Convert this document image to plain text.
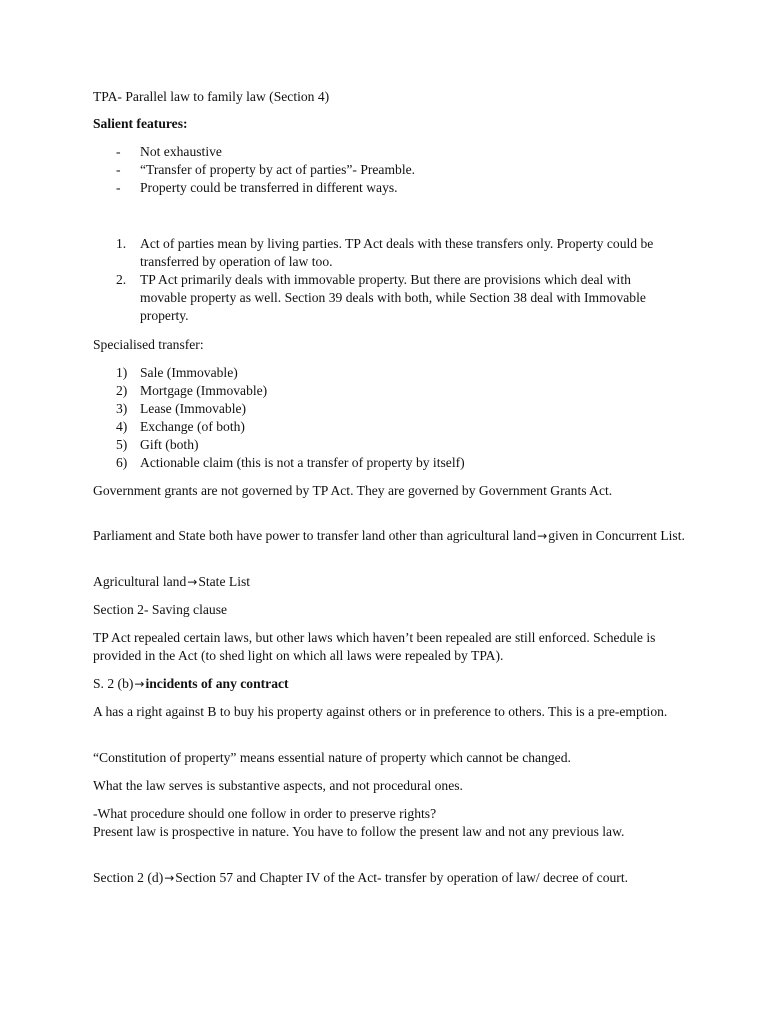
TPA- Parallel law to family law (Section 4)

Salient features:

- Not exhaustive
- “Transfer of property by act of parties”- Preamble.
- Property could be transferred in different ways.
1. Act of parties mean by living parties. TP Act deals with these transfers only. Property could be transferred by operation of law too.

2. TP Act primarily deals with immovable property. But there are provisions which deal with movable property as well. Section 39 deals with both, while Section 38 deal with Immovable property.

Specialised transfer:

1) Sale (Immovable)

2) Mortgage (Immovable)

3) Lease (Immovable)

4) Exchange (of both)

5) Gift (both)

6) Actionable claim (this is not a transfer of property by itself)

Government grants are not governed by TP Act. They are governed by Government Grants Act.

Parliament and State both have power to transfer land other than agricultural land→given in Concurrent List.

Agricultural land→State List

Section 2- Saving clause

TP Act repealed certain laws, but other laws which haven’t been repealed are still enforced. Schedule is provided in the Act (to shed light on which all laws were repealed by TPA).

S. 2 (b)→incidents of any contract

A has a right against B to buy his property against others or in preference to others. This is a pre-emption.

“Constitution of property” means essential nature of property which cannot be changed.

What the law serves is substantive aspects, and not procedural ones.

-What procedure should one follow in order to preserve rights?

Present law is prospective in nature. You have to follow the present law and not any previous law.

Section 2 (d)→Section 57 and Chapter IV of the Act- transfer by operation of law/ decree of court.
